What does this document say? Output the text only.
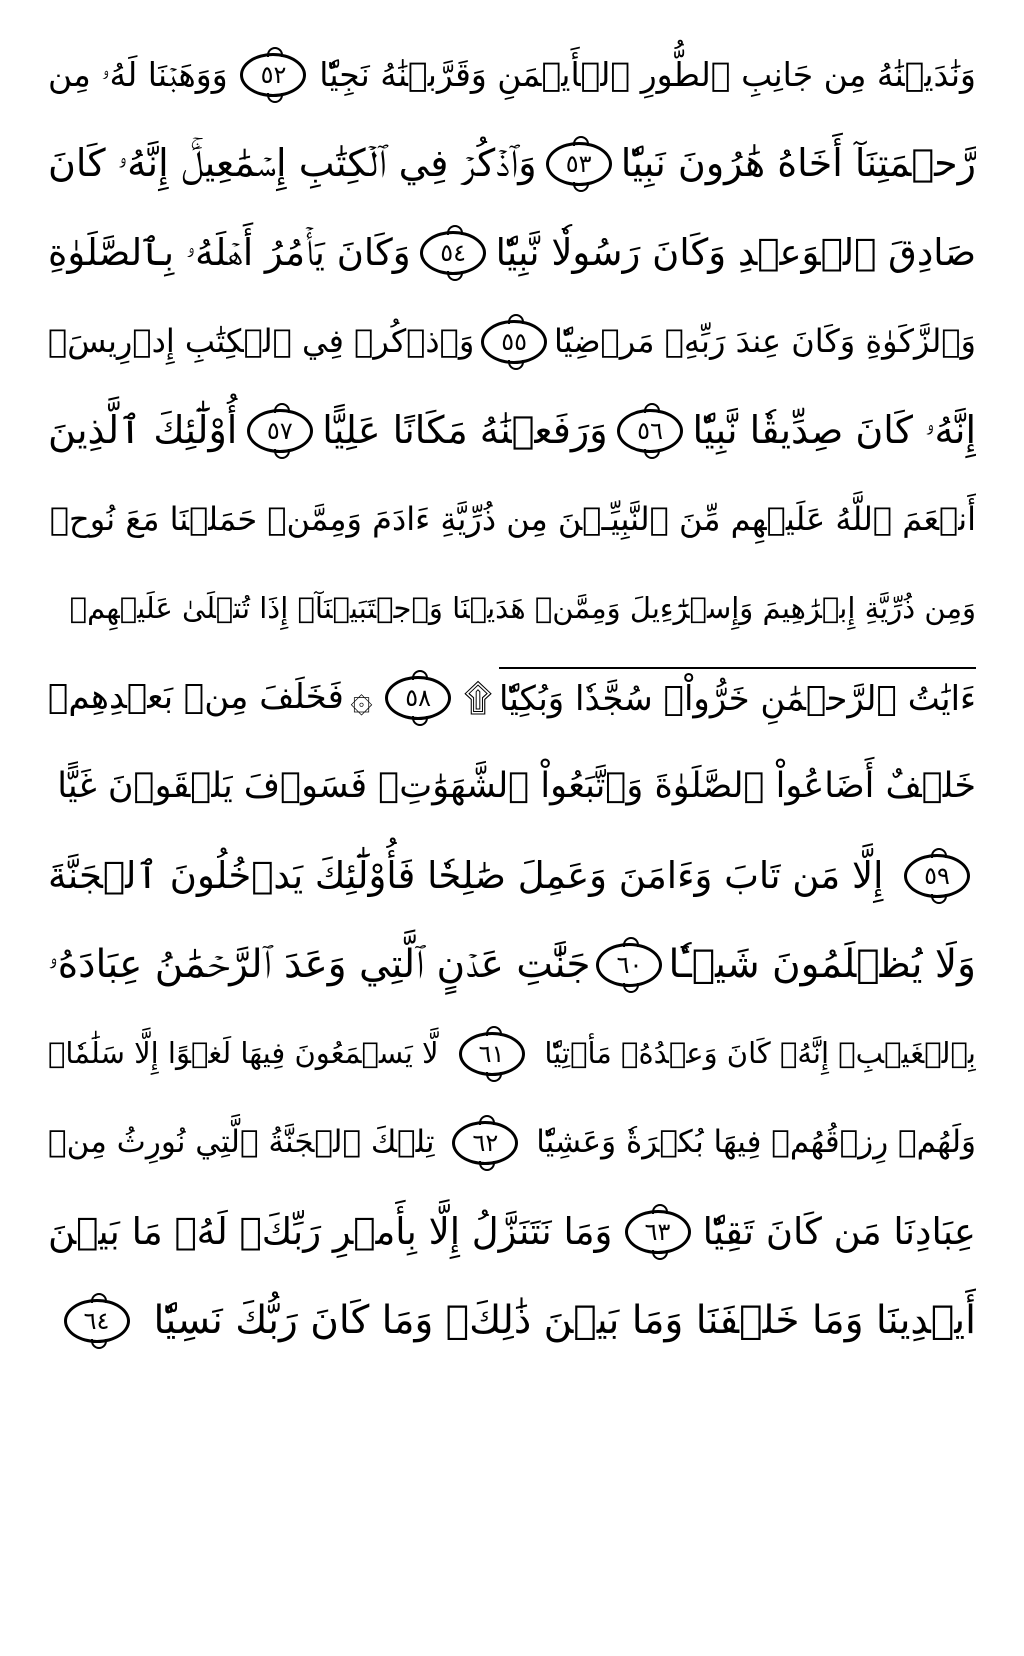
وَنَٰدَيۡنَٰهُ مِن جَانِبِ ٱلطُّورِ ٱلۡأَيۡمَنِ وَقَرَّبۡنَٰهُ نَجِيّٗا
٥٢
وَوَهَبۡنَا لَهُۥ مِن
رَّحۡمَتِنَآ أَخَاهُ هَٰرُونَ نَبِيّٗا
٥٣
وَٱذۡكُرۡ فِي ٱلۡكِتَٰبِ إِسۡمَٰعِيلَۚ إِنَّهُۥ كَانَ
صَادِقَ ٱلۡوَعۡدِ وَكَانَ رَسُولٗا نَّبِيّٗا
٥٤
وَكَانَ يَأۡمُرُ أَهۡلَهُۥ بِٱلصَّلَوٰةِ
وَٱلزَّكَوٰةِ وَكَانَ عِندَ رَبِّهِۦ مَرۡضِيّٗا
٥٥
وَٱذۡكُرۡ فِي ٱلۡكِتَٰبِ إِدۡرِيسَۚ
إِنَّهُۥ كَانَ صِدِّيقٗا نَّبِيّٗا
٥٦
وَرَفَعۡنَٰهُ مَكَانًا عَلِيًّا
٥٧
أُوْلَٰٓئِكَ ٱلَّذِينَ
أَنۡعَمَ ٱللَّهُ عَلَيۡهِم مِّنَ ٱلنَّبِيِّـۧنَ مِن ذُرِّيَّةِ ءَادَمَ وَمِمَّنۡ حَمَلۡنَا مَعَ نُوحٖ
وَمِن ذُرِّيَّةِ إِبۡرَٰهِيمَ وَإِسۡرَٰٓءِيلَ وَمِمَّنۡ هَدَيۡنَا وَٱجۡتَبَيۡنَآۚ إِذَا تُتۡلَىٰ عَلَيۡهِمۡ
ءَايَٰتُ ٱلرَّحۡمَٰنِ خَرُّواْۤ سُجَّدٗا وَبُكِيّٗا
۩
٥٨
۞
فَخَلَفَ مِنۢ بَعۡدِهِمۡ
خَلۡفٌ أَضَاعُواْ ٱلصَّلَوٰةَ وَٱتَّبَعُواْ ٱلشَّهَوَٰتِۖ فَسَوۡفَ يَلۡقَوۡنَ غَيًّا
٥٩
إِلَّا مَن تَابَ وَءَامَنَ وَعَمِلَ صَٰلِحٗا فَأُوْلَٰٓئِكَ يَدۡخُلُونَ ٱلۡجَنَّةَ
وَلَا يُظۡلَمُونَ شَيۡـٔٗا
٦٠
جَنَّٰتِ عَدۡنٍ ٱلَّتِي وَعَدَ ٱلرَّحۡمَٰنُ عِبَادَهُۥ
بِٱلۡغَيۡبِۚ إِنَّهُۥ كَانَ وَعۡدُهُۥ مَأۡتِيّٗا
٦١
لَّا يَسۡمَعُونَ فِيهَا لَغۡوًا إِلَّا سَلَٰمٗاۖ
وَلَهُمۡ رِزۡقُهُمۡ فِيهَا بُكۡرَةٗ وَعَشِيّٗا
٦٢
تِلۡكَ ٱلۡجَنَّةُ ٱلَّتِي نُورِثُ مِنۡ
عِبَادِنَا مَن كَانَ تَقِيّٗا
٦٣
وَمَا نَتَنَزَّلُ إِلَّا بِأَمۡرِ رَبِّكَۖ لَهُۥ مَا بَيۡنَ
أَيۡدِينَا وَمَا خَلۡفَنَا وَمَا بَيۡنَ ذَٰلِكَۚ وَمَا كَانَ رَبُّكَ نَسِيّٗا
٦٤
